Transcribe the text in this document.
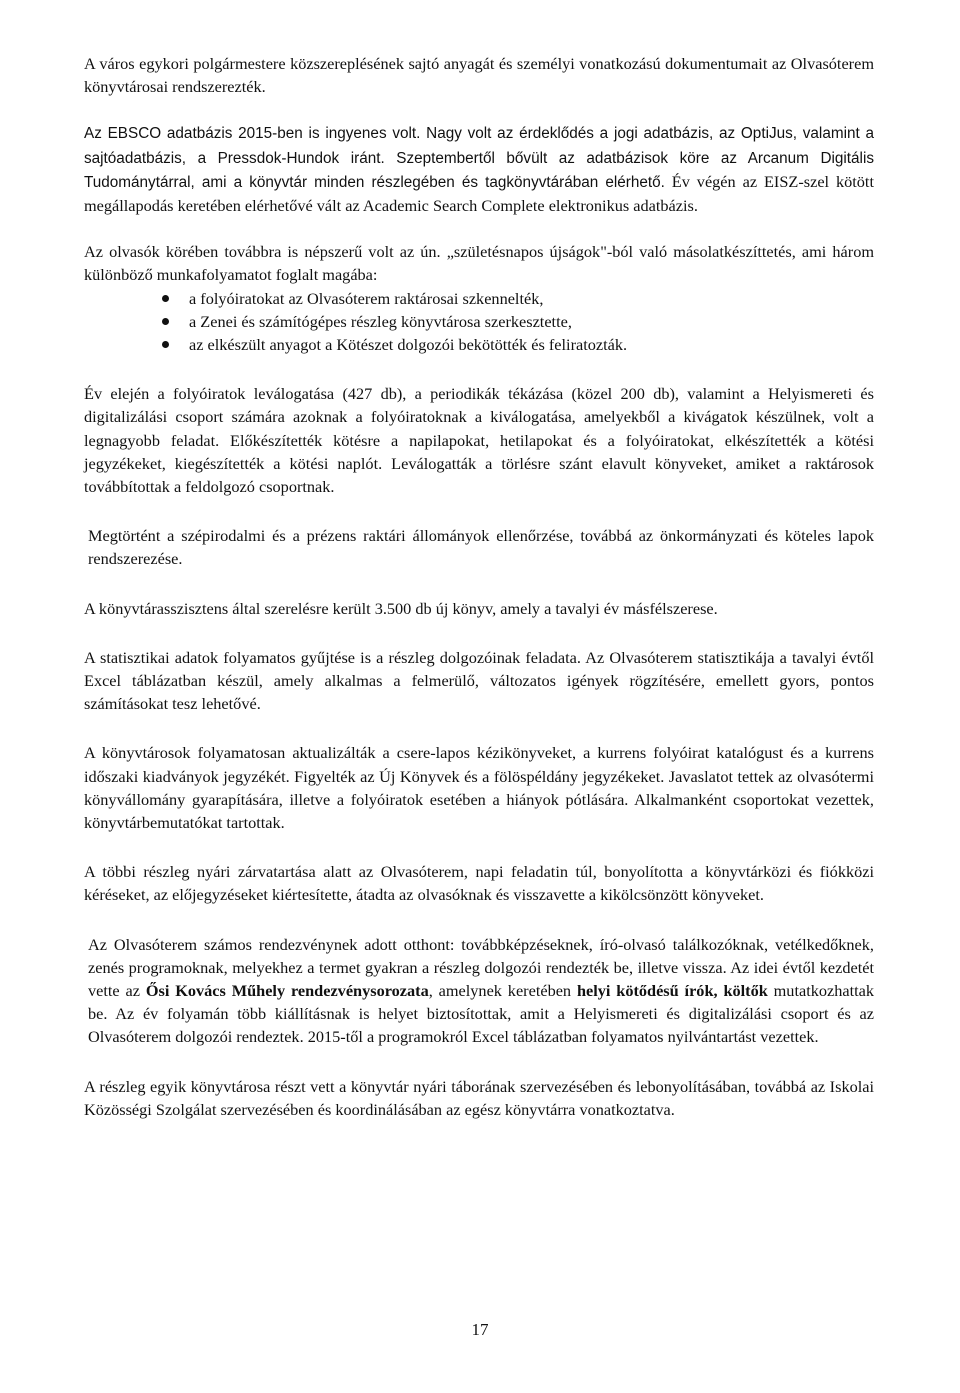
A város egykori polgármestere közszereplésének sajtó anyagát és személyi vonatkozású dokumentumait az Olvasóterem könyvtárosai rendszerezték.

Az EBSCO adatbázis 2015-ben is ingyenes volt. Nagy volt az érdeklődés a jogi adatbázis, az OptiJus, valamint a sajtóadatbázis, a Pressdok-Hundok iránt. Szeptembertől bővült az adatbázisok köre az Arcanum Digitális Tudománytárral, ami a könyvtár minden részlegében és tagkönyvtárában elérhető. Év végén az EISZ-szel kötött megállapodás keretében elérhetővé vált az Academic Search Complete elektronikus adatbázis.

Az olvasók körében továbbra is népszerű volt az ún. „születésnapos újságok"-ból való másolatkészíttetés, ami három különböző munkafolyamatot foglalt magába:

a folyóiratokat az Olvasóterem raktárosai szkennelték,
a Zenei és számítógépes részleg könyvtárosa szerkesztette,
az elkészült anyagot a Kötészet dolgozói bekötötték és feliratozták.

Év elején a folyóiratok leválogatása (427 db), a periodikák tékázása (közel 200 db), valamint a Helyismereti és digitalizálási csoport számára azoknak a folyóiratoknak a kiválogatása, amelyekből a kivágatok készülnek, volt a legnagyobb feladat. Előkészítették kötésre a napilapokat, hetilapokat és a folyóiratokat, elkészítették a kötési jegyzékeket, kiegészítették a kötési naplót. Leválogatták a törlésre szánt elavult könyveket, amiket a raktárosok továbbítottak a feldolgozó csoportnak.

Megtörtént a szépirodalmi és a prézens raktári állományok ellenőrzése, továbbá az önkormányzati és köteles lapok rendszerezése.

A könyvtárasszisztens által szerelésre került 3.500 db új könyv, amely a tavalyi év másfélszerese.

A statisztikai adatok folyamatos gyűjtése is a részleg dolgozóinak feladata. Az Olvasóterem statisztikája a tavalyi évtől Excel táblázatban készül, amely alkalmas a felmerülő, változatos igények rögzítésére, emellett gyors, pontos számításokat tesz lehetővé.

A könyvtárosok folyamatosan aktualizálták a csere-lapos kézikönyveket, a kurrens folyóirat katalógust és a kurrens időszaki kiadványok jegyzékét. Figyelték az Új Könyvek és a fölöspéldány jegyzékeket. Javaslatot tettek az olvasótermi könyvállomány gyarapítására, illetve a folyóiratok esetében a hiányok pótlására. Alkalmanként csoportokat vezettek, könyvtárbemutatókat tartottak.

A többi részleg nyári zárvatartása alatt az Olvasóterem, napi feladatin túl, bonyolította a könyvtárközi és fiókközi kéréseket, az előjegyzéseket kiértesítette, átadta az olvasóknak és visszavette a kikölcsönzött könyveket.

Az Olvasóterem számos rendezvénynek adott otthont: továbbképzéseknek, író-olvasó találkozóknak, vetélkedőknek, zenés programoknak, melyekhez a termet gyakran a részleg dolgozói rendezték be, illetve vissza. Az idei évtől kezdetét vette az Ősi Kovács Műhely rendezvénysorozata, amelynek keretében helyi kötődésű írók, költők mutatkozhattak be. Az év folyamán több kiállításnak is helyet biztosítottak, amit a Helyismereti és digitalizálási csoport és az Olvasóterem dolgozói rendeztek. 2015-től a programokról Excel táblázatban folyamatos nyilvántartást vezettek.

A részleg egyik könyvtárosa részt vett a könyvtár nyári táborának szervezésében és lebonyolításában, továbbá az Iskolai Közösségi Szolgálat szervezésében és koordinálásában az egész könyvtárra vonatkoztatva.

17
